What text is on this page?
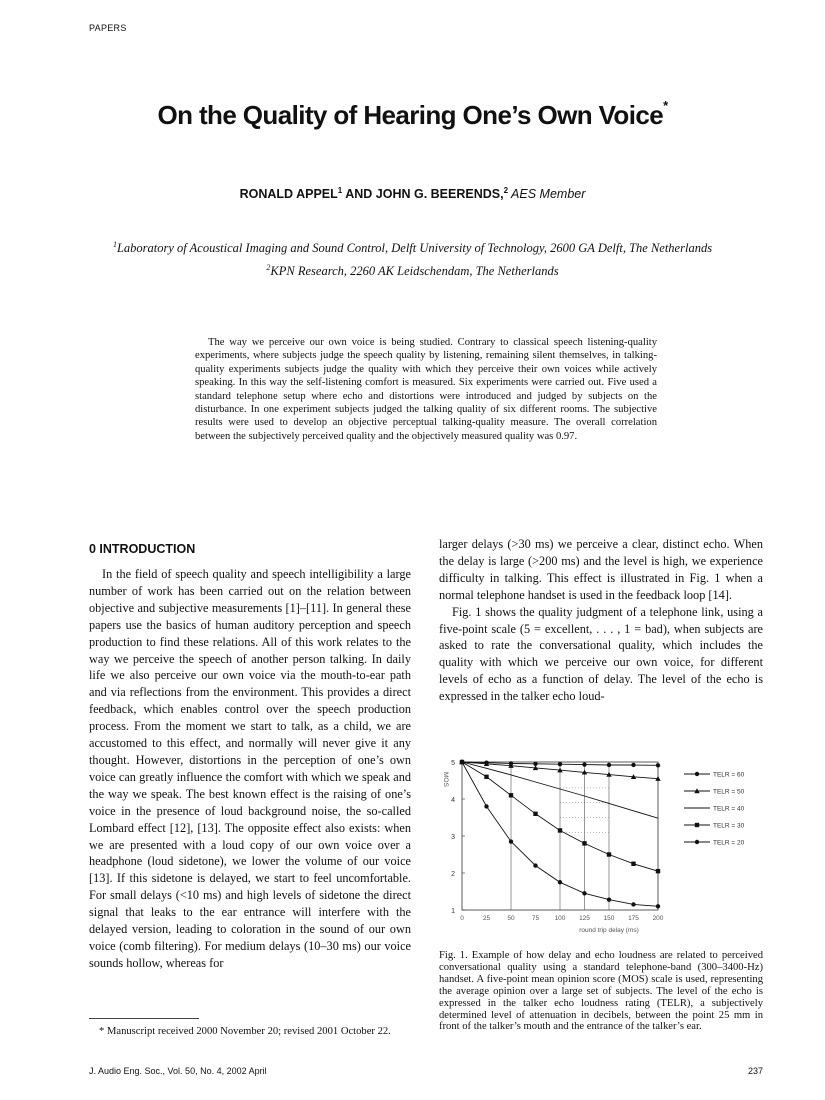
PAPERS
On the Quality of Hearing One’s Own Voice*
RONALD APPEL$^1$ AND JOHN G. BEERENDS,$^2$ AES Member
$^1$Laboratory of Acoustical Imaging and Sound Control, Delft University of Technology, 2600 GA Delft, The Netherlands
$^2$KPN Research, 2260 AK Leidschendam, The Netherlands

The way we perceive our own voice is being studied. Contrary to classical speech listening-quality experiments, where subjects judge the speech quality by listening, remaining silent themselves, in talking-quality experiments subjects judge the quality with which they perceive their own voices while actively speaking. In this way the self-listening comfort is measured. Six experiments were carried out. Five used a standard telephone setup where echo and distortions were introduced and judged by subjects on the disturbance. In one experiment subjects judged the talking quality of six different rooms. The subjective results were used to develop an objective perceptual talking-quality measure. The overall correlation between the subjectively perceived quality and the objectively measured quality was 0.97.

0 INTRODUCTION

In the field of speech quality and speech intelligibility a large number of work has been carried out on the relation between objective and subjective measurements [1]–[11]. In general these papers use the basics of human auditory perception and speech production to find these relations. All of this work relates to the way we perceive the speech of another person talking. In daily life we also perceive our own voice via the mouth-to-ear path and via reflections from the environment. This provides a direct feedback, which enables control over the speech production process. From the moment we start to talk, as a child, we are accustomed to this effect, and normally will never give it any thought. However, distortions in the perception of one’s own voice can greatly influence the comfort with which we speak and the way we speak. The best known effect is the raising of one’s voice in the presence of loud background noise, the so-called Lombard effect [12], [13]. The opposite effect also exists: when we are presented with a loud copy of our own voice over a headphone (loud sidetone), we lower the volume of our voice [13]. If this sidetone is delayed, we start to feel uncomfortable. For small delays (<10 ms) and high levels of sidetone the direct signal that leaks to the ear entrance will interfere with the delayed version, leading to coloration in the sound of our own voice (comb filtering). For medium delays (10–30 ms) our voice sounds hollow, whereas for

larger delays (>30 ms) we perceive a clear, distinct echo. When the delay is large (>200 ms) and the level is high, we experience difficulty in talking. This effect is illustrated in Fig. 1 when a normal telephone handset is used in the feedback loop [14].

Fig. 1 shows the quality judgment of a telephone link, using a five-point scale (5 = excellent, . . . , 1 = bad), when subjects are asked to rate the conversational quality, which includes the quality with which we perceive our own voice, for different levels of echo as a function of delay. The level of the echo is expressed in the talker echo loud-

1
2
3
4
5
0	25	50	75 100 125 150 175 200
MOS
round trip delay (ms)
TELR = 60
TELR = 50
TELR = 40
TELR = 30
TELR = 20

Fig. 1. Example of how delay and echo loudness are related to perceived conversational quality using a standard telephone-band (300–3400-Hz) handset. A five-point mean opinion score (MOS) scale is used, representing the average opinion over a large set of subjects. The level of the echo is expressed in the talker echo loudness rating (TELR), a subjectively determined level of attenuation in decibels, between the point 25 mm in front of the talker’s mouth and the entrance of the talker’s ear.

* Manuscript received 2000 November 20; revised 2001 October 22.

J. Audio Eng. Soc., Vol. 50, No. 4, 2002 April	237
